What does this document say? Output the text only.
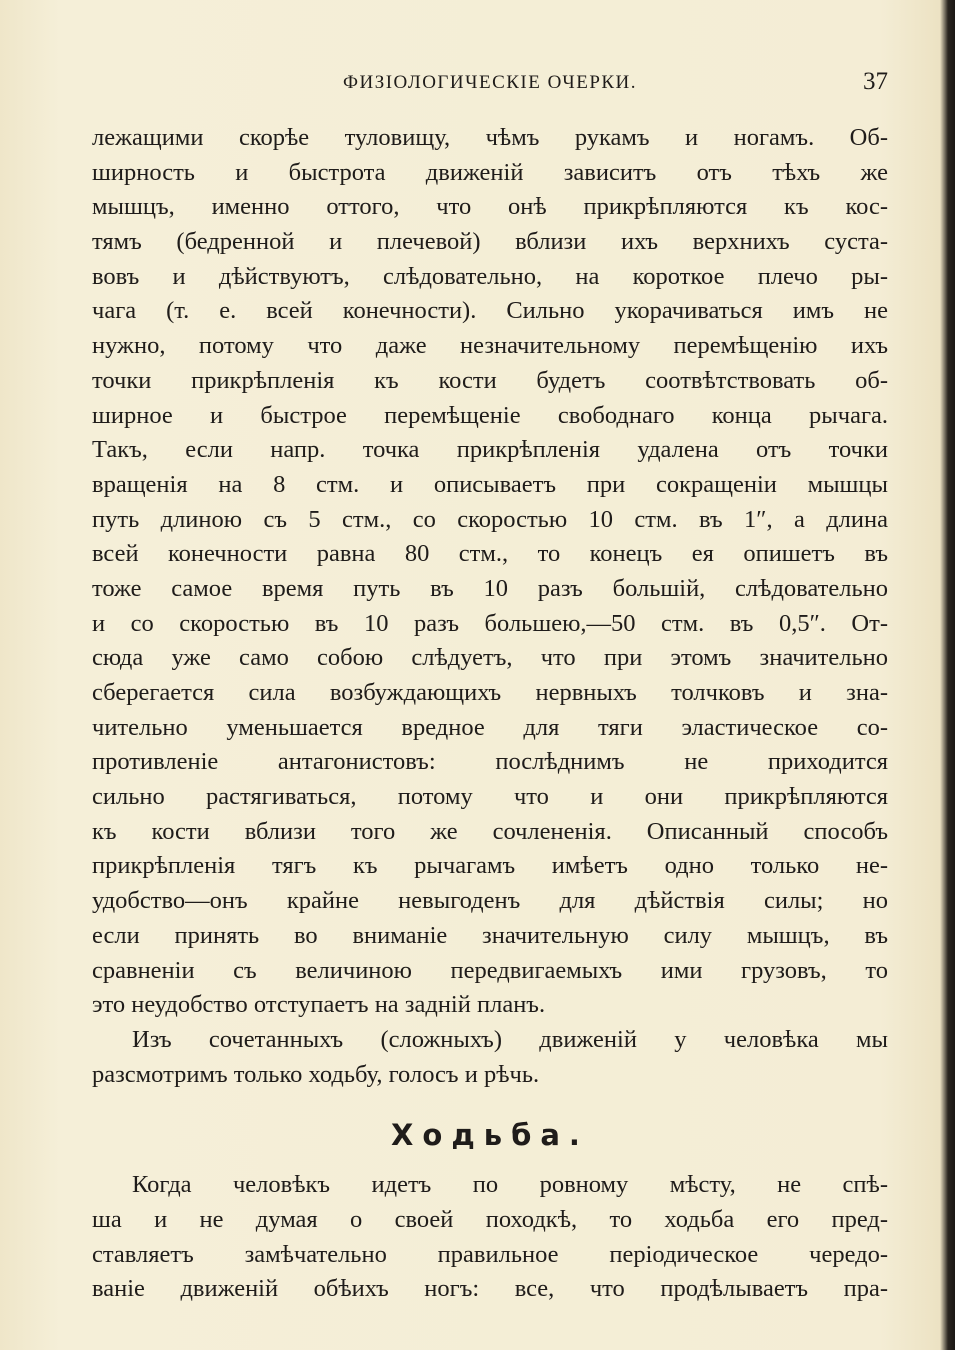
ФИЗІОЛОГИЧЕСКІЕ ОЧЕРКИ.	37
лежащими скорѣе туловищу, чѣмъ рукамъ и ногамъ. Об-
ширность и быстрота движеній зависитъ отъ тѣхъ же
мышцъ, именно оттого, что онѣ прикрѣпляются къ кос-
тямъ (бедренной и плечевой) вблизи ихъ верхнихъ суста-
вовъ и дѣйствуютъ, слѣдовательно, на короткое плечо ры-
чага (т. е. всей конечности). Сильно укорачиваться имъ не
нужно, потому что даже незначительному перемѣщенію ихъ
точки прикрѣпленія къ кости будетъ соотвѣтствовать об-
ширное и быстрое перемѣщеніе свободнаго конца рычага.
Такъ, если напр. точка прикрѣпленія удалена отъ точки
вращенія на 8 стм. и описываетъ при сокращеніи мышцы
путь длиною съ 5 стм., со скоростью 10 стм. въ 1″, а длина
всей конечности равна 80 стм., то конецъ ея опишетъ въ
тоже самое время путь въ 10 разъ большій, слѣдовательно
и со скоростью въ 10 разъ большею,—50 стм. въ 0,5″. От-
сюда уже само собою слѣдуетъ, что при этомъ значительно
сберегается сила возбуждающихъ нервныхъ толчковъ и зна-
чительно уменьшается вредное для тяги эластическое со-
противленіе антагонистовъ: послѣднимъ не приходится
сильно растягиваться, потому что и они прикрѣпляются
къ кости вблизи того же сочлененія. Описанный способъ
прикрѣпленія тягъ къ рычагамъ имѣетъ одно только не-
удобство—онъ крайне невыгоденъ для дѣйствія силы; но
если принять во вниманіе значительную силу мышцъ, въ
сравненіи съ величиною передвигаемыхъ ими грузовъ, то
это неудобство отступаетъ на задній планъ.
Изъ сочетанныхъ (сложныхъ) движеній у человѣка мы
разсмотримъ только ходьбу, голосъ и рѣчь.
Ходьба.
Когда человѣкъ идетъ по ровному мѣсту, не спѣ-
ша и не думая о своей походкѣ, то ходьба его пред-
ставляетъ замѣчательно правильное періодическое чередо-
ваніе движеній обѣихъ ногъ: все, что продѣлываетъ пра-
